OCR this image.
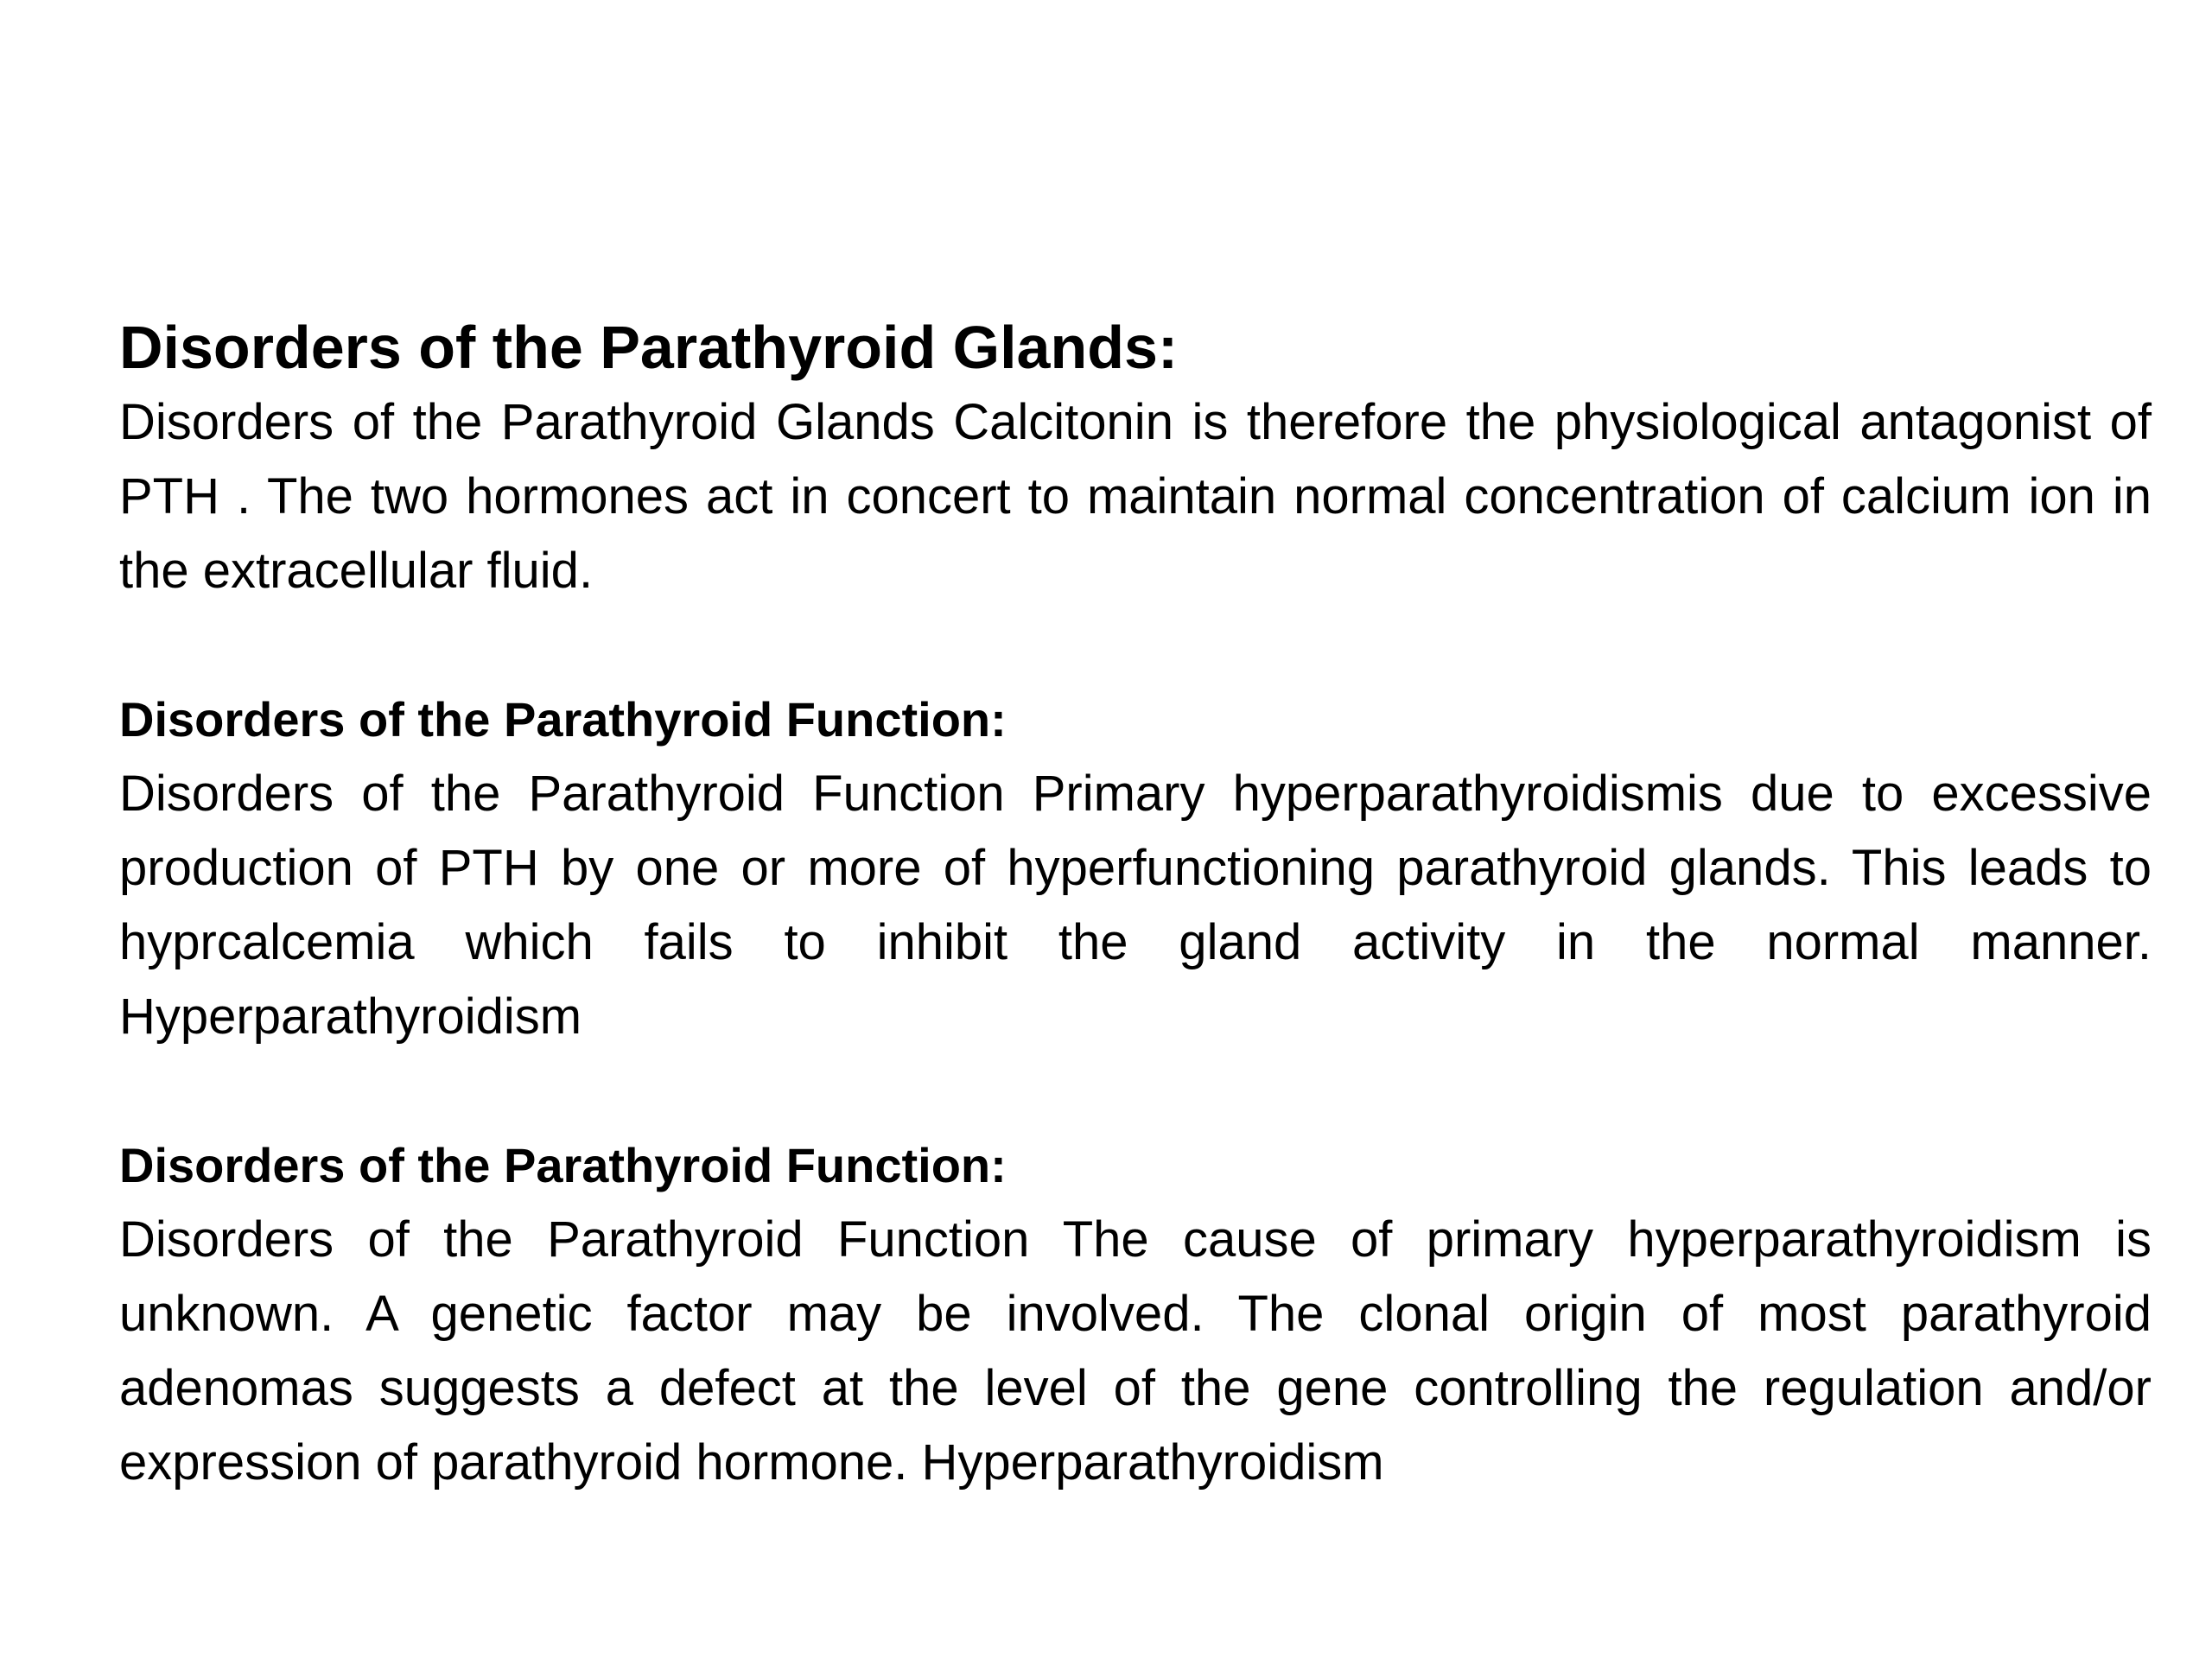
Disorders of the Parathyroid Glands:

Disorders of the Parathyroid Glands Calcitonin is therefore the physiological antagonist of PTH . The two hormones act in concert to maintain normal concentration of calcium ion in the extracellular fluid.

Disorders of the Parathyroid Function:

Disorders of the Parathyroid Function Primary hyperparathyroidismis due to excessive production of PTH by one or more of hyperfunctioning parathyroid glands. This leads to hyprcalcemia which fails to inhibit the gland activity in the normal manner. Hyperparathyroidism

Disorders of the Parathyroid Function:

Disorders of the Parathyroid Function The cause of primary hyperparathyroidism is unknown. A genetic factor may be involved. The clonal origin of most parathyroid adenomas suggests a defect at the level of the gene controlling the regulation and/or expression of parathyroid hormone. Hyperparathyroidism
